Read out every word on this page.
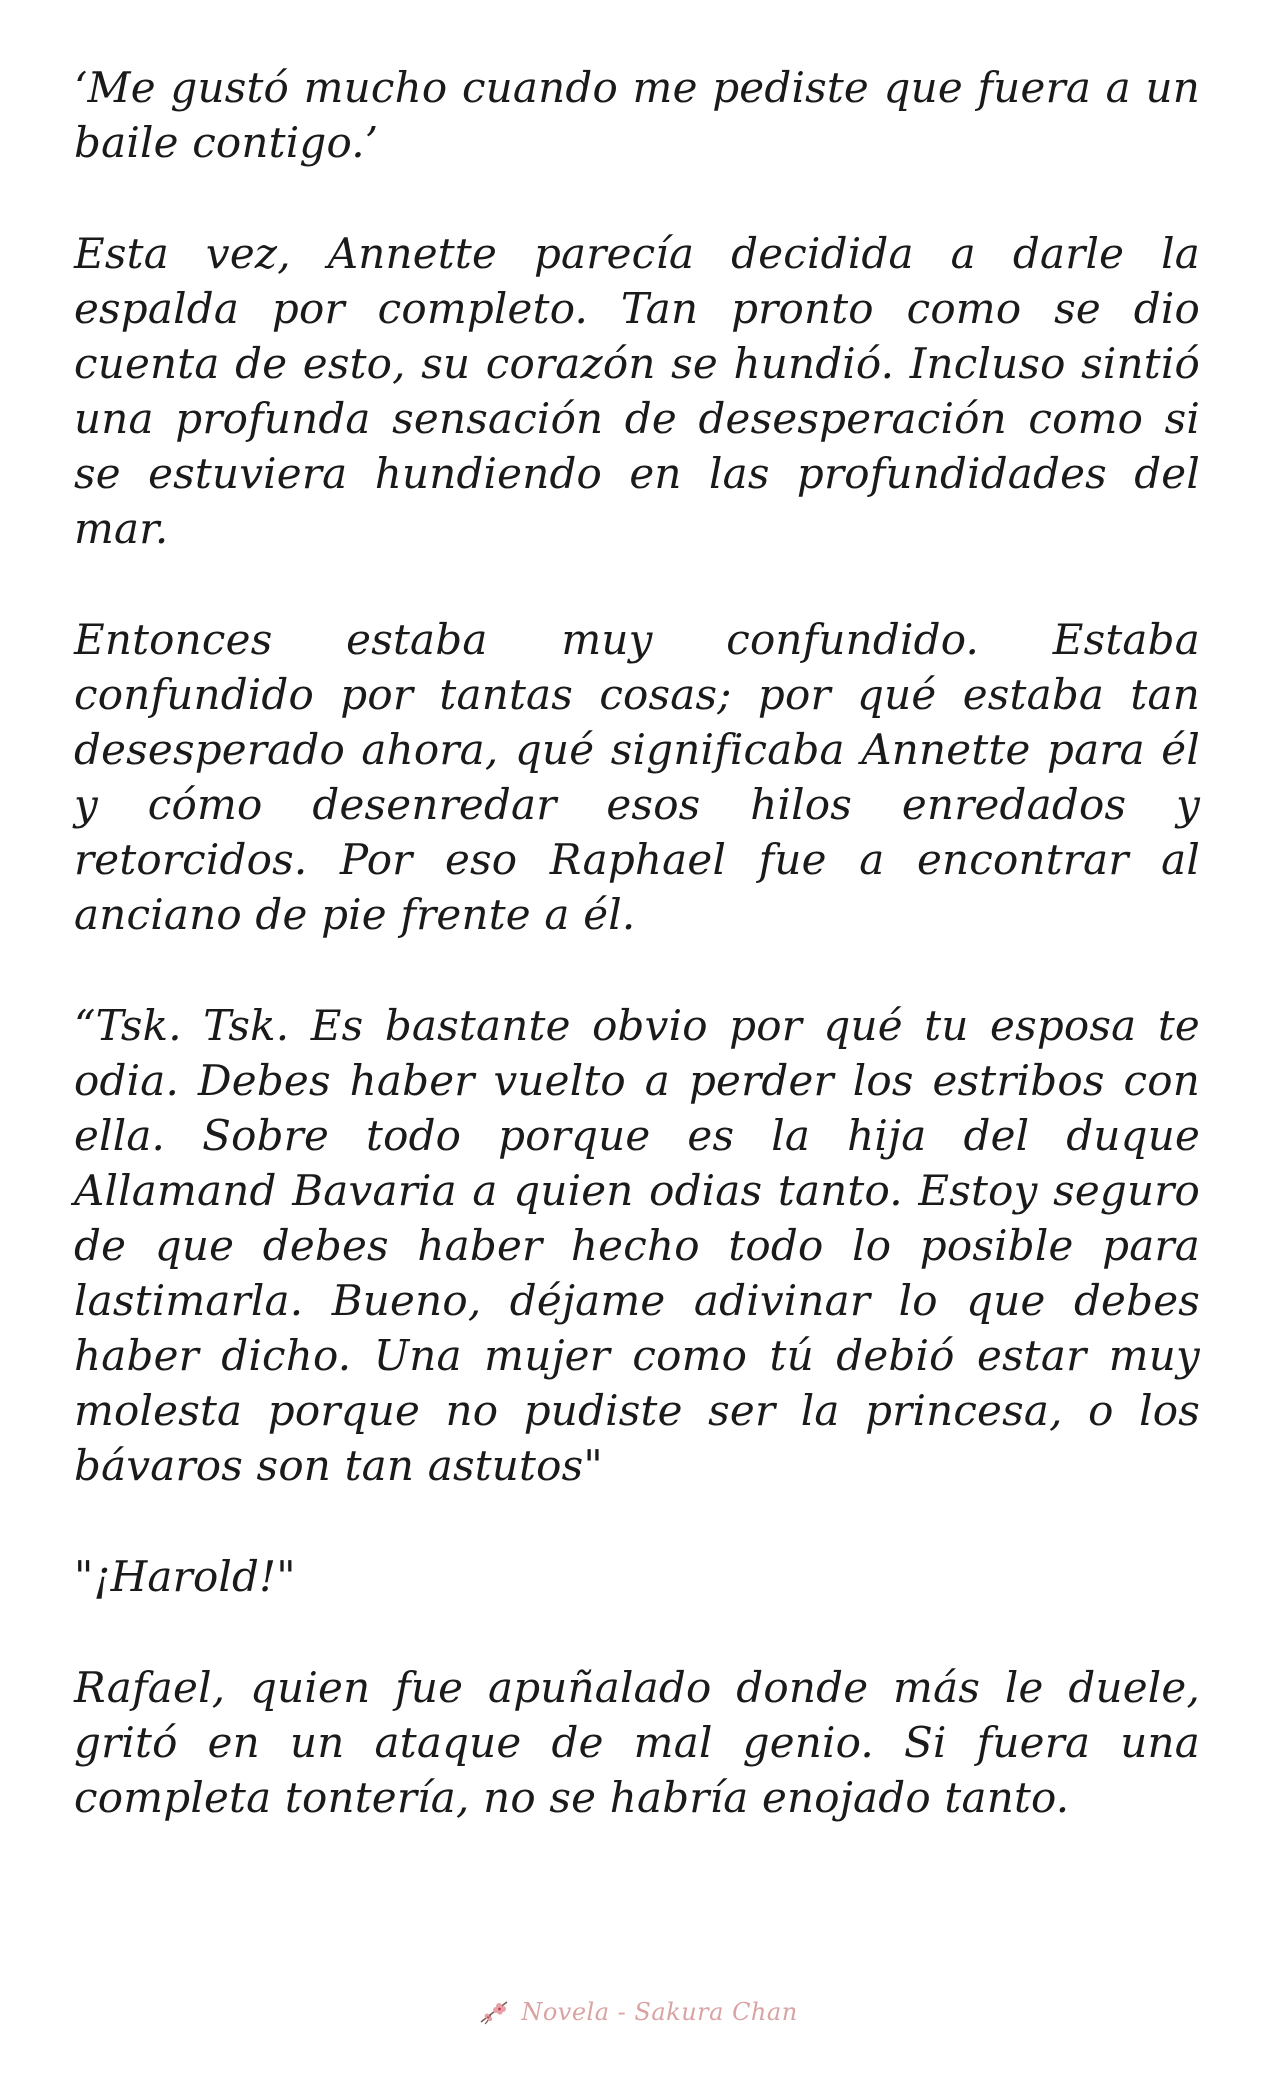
‘Me gustó mucho cuando me pediste que fuera a un baile contigo.’

Esta vez, Annette parecía decidida a darle la espalda por completo. Tan pronto como se dio cuenta de esto, su corazón se hundió. Incluso sintió una profunda sensación de desesperación como si se estuviera hundiendo en las profundidades del mar.

Entonces estaba muy confundido. Estaba confundido por tantas cosas; por qué estaba tan desesperado ahora, qué significaba Annette para él y cómo desenredar esos hilos enredados y retorcidos. Por eso Raphael fue a encontrar al anciano de pie frente a él.

“Tsk. Tsk. Es bastante obvio por qué tu esposa te odia. Debes haber vuelto a perder los estribos con ella. Sobre todo porque es la hija del duque Allamand Bavaria a quien odias tanto. Estoy seguro de que debes haber hecho todo lo posible para lastimarla. Bueno, déjame adivinar lo que debes haber dicho. Una mujer como tú debió estar muy molesta porque no pudiste ser la princesa, o los bávaros son tan astutos"

"¡Harold!"

Rafael, quien fue apuñalado donde más le duele, gritó en un ataque de mal genio. Si fuera una completa tontería, no se habría enojado tanto.

Novela - Sakura Chan
